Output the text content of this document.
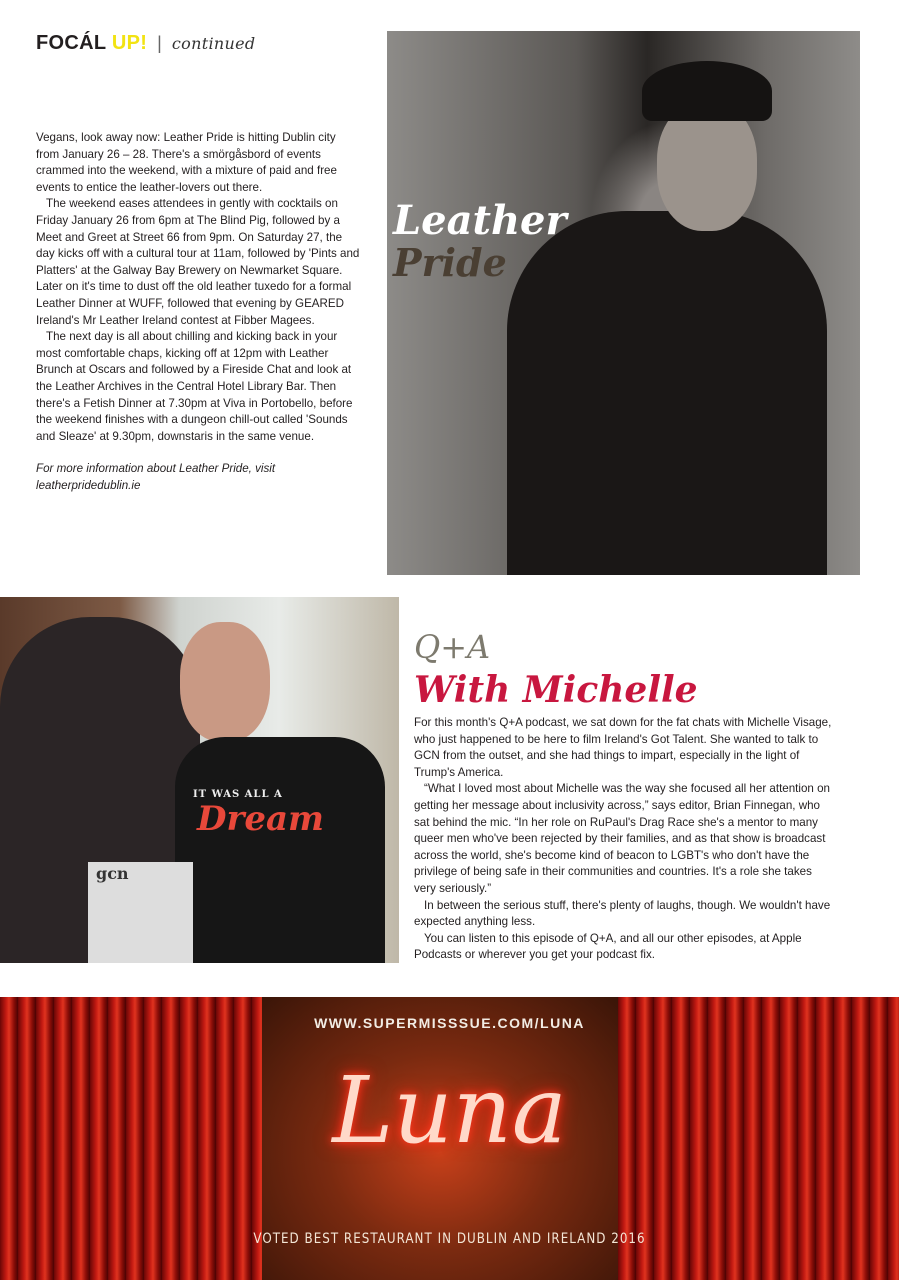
FOCÁL UP! | continued

Vegans, look away now: Leather Pride is hitting Dublin city from January 26 – 28. There's a smörgåsbord of events crammed into the weekend, with a mixture of paid and free events to entice the leather-lovers out there.

The weekend eases attendees in gently with cocktails on Friday January 26 from 6pm at The Blind Pig, followed by a Meet and Greet at Street 66 from 9pm. On Saturday 27, the day kicks off with a cultural tour at 11am, followed by 'Pints and Platters' at the Galway Bay Brewery on Newmarket Square. Later on it's time to dust off the old leather tuxedo for a formal Leather Dinner at WUFF, followed that evening by GEARED Ireland's Mr Leather Ireland contest at Fibber Magees.

The next day is all about chilling and kicking back in your most comfortable chaps, kicking off at 12pm with Leather Brunch at Oscars and followed by a Fireside Chat and look at the Leather Archives in the Central Hotel Library Bar. Then there's a Fetish Dinner at 7.30pm at Viva in Portobello, before the weekend finishes with a dungeon chill-out called 'Sounds and Sleaze' at 9.30pm, downstaris in the same venue.

For more information about Leather Pride, visit leatherpridedublin.ie

Leather
Pride
IT WAS ALL A
Dream
gcn
Q+A
With Michelle

For this month's Q+A podcast, we sat down for the fat chats with Michelle Visage, who just happened to be here to film Ireland's Got Talent. She wanted to talk to GCN from the outset, and she had things to impart, especially in the light of Trump's America.

“What I loved most about Michelle was the way she focused all her attention on getting her message about inclusivity across,” says editor, Brian Finnegan, who sat behind the mic. “In her role on RuPaul's Drag Race she's a mentor to many queer men who've been rejected by their families, and as that show is broadcast across the world, she's become kind of beacon to LGBT's who don't have the privilege of being safe in their communities and countries. It's a role she takes very seriously.”

In between the serious stuff, there's plenty of laughs, though. We wouldn't have expected anything less.

You can listen to this episode of Q+A, and all our other episodes, at Apple Podcasts or wherever you get your podcast fix.

WWW.SUPERMISSSUE.COM/LUNA
Luna
VOTED BEST RESTAURANT IN DUBLIN AND IRELAND 2016
